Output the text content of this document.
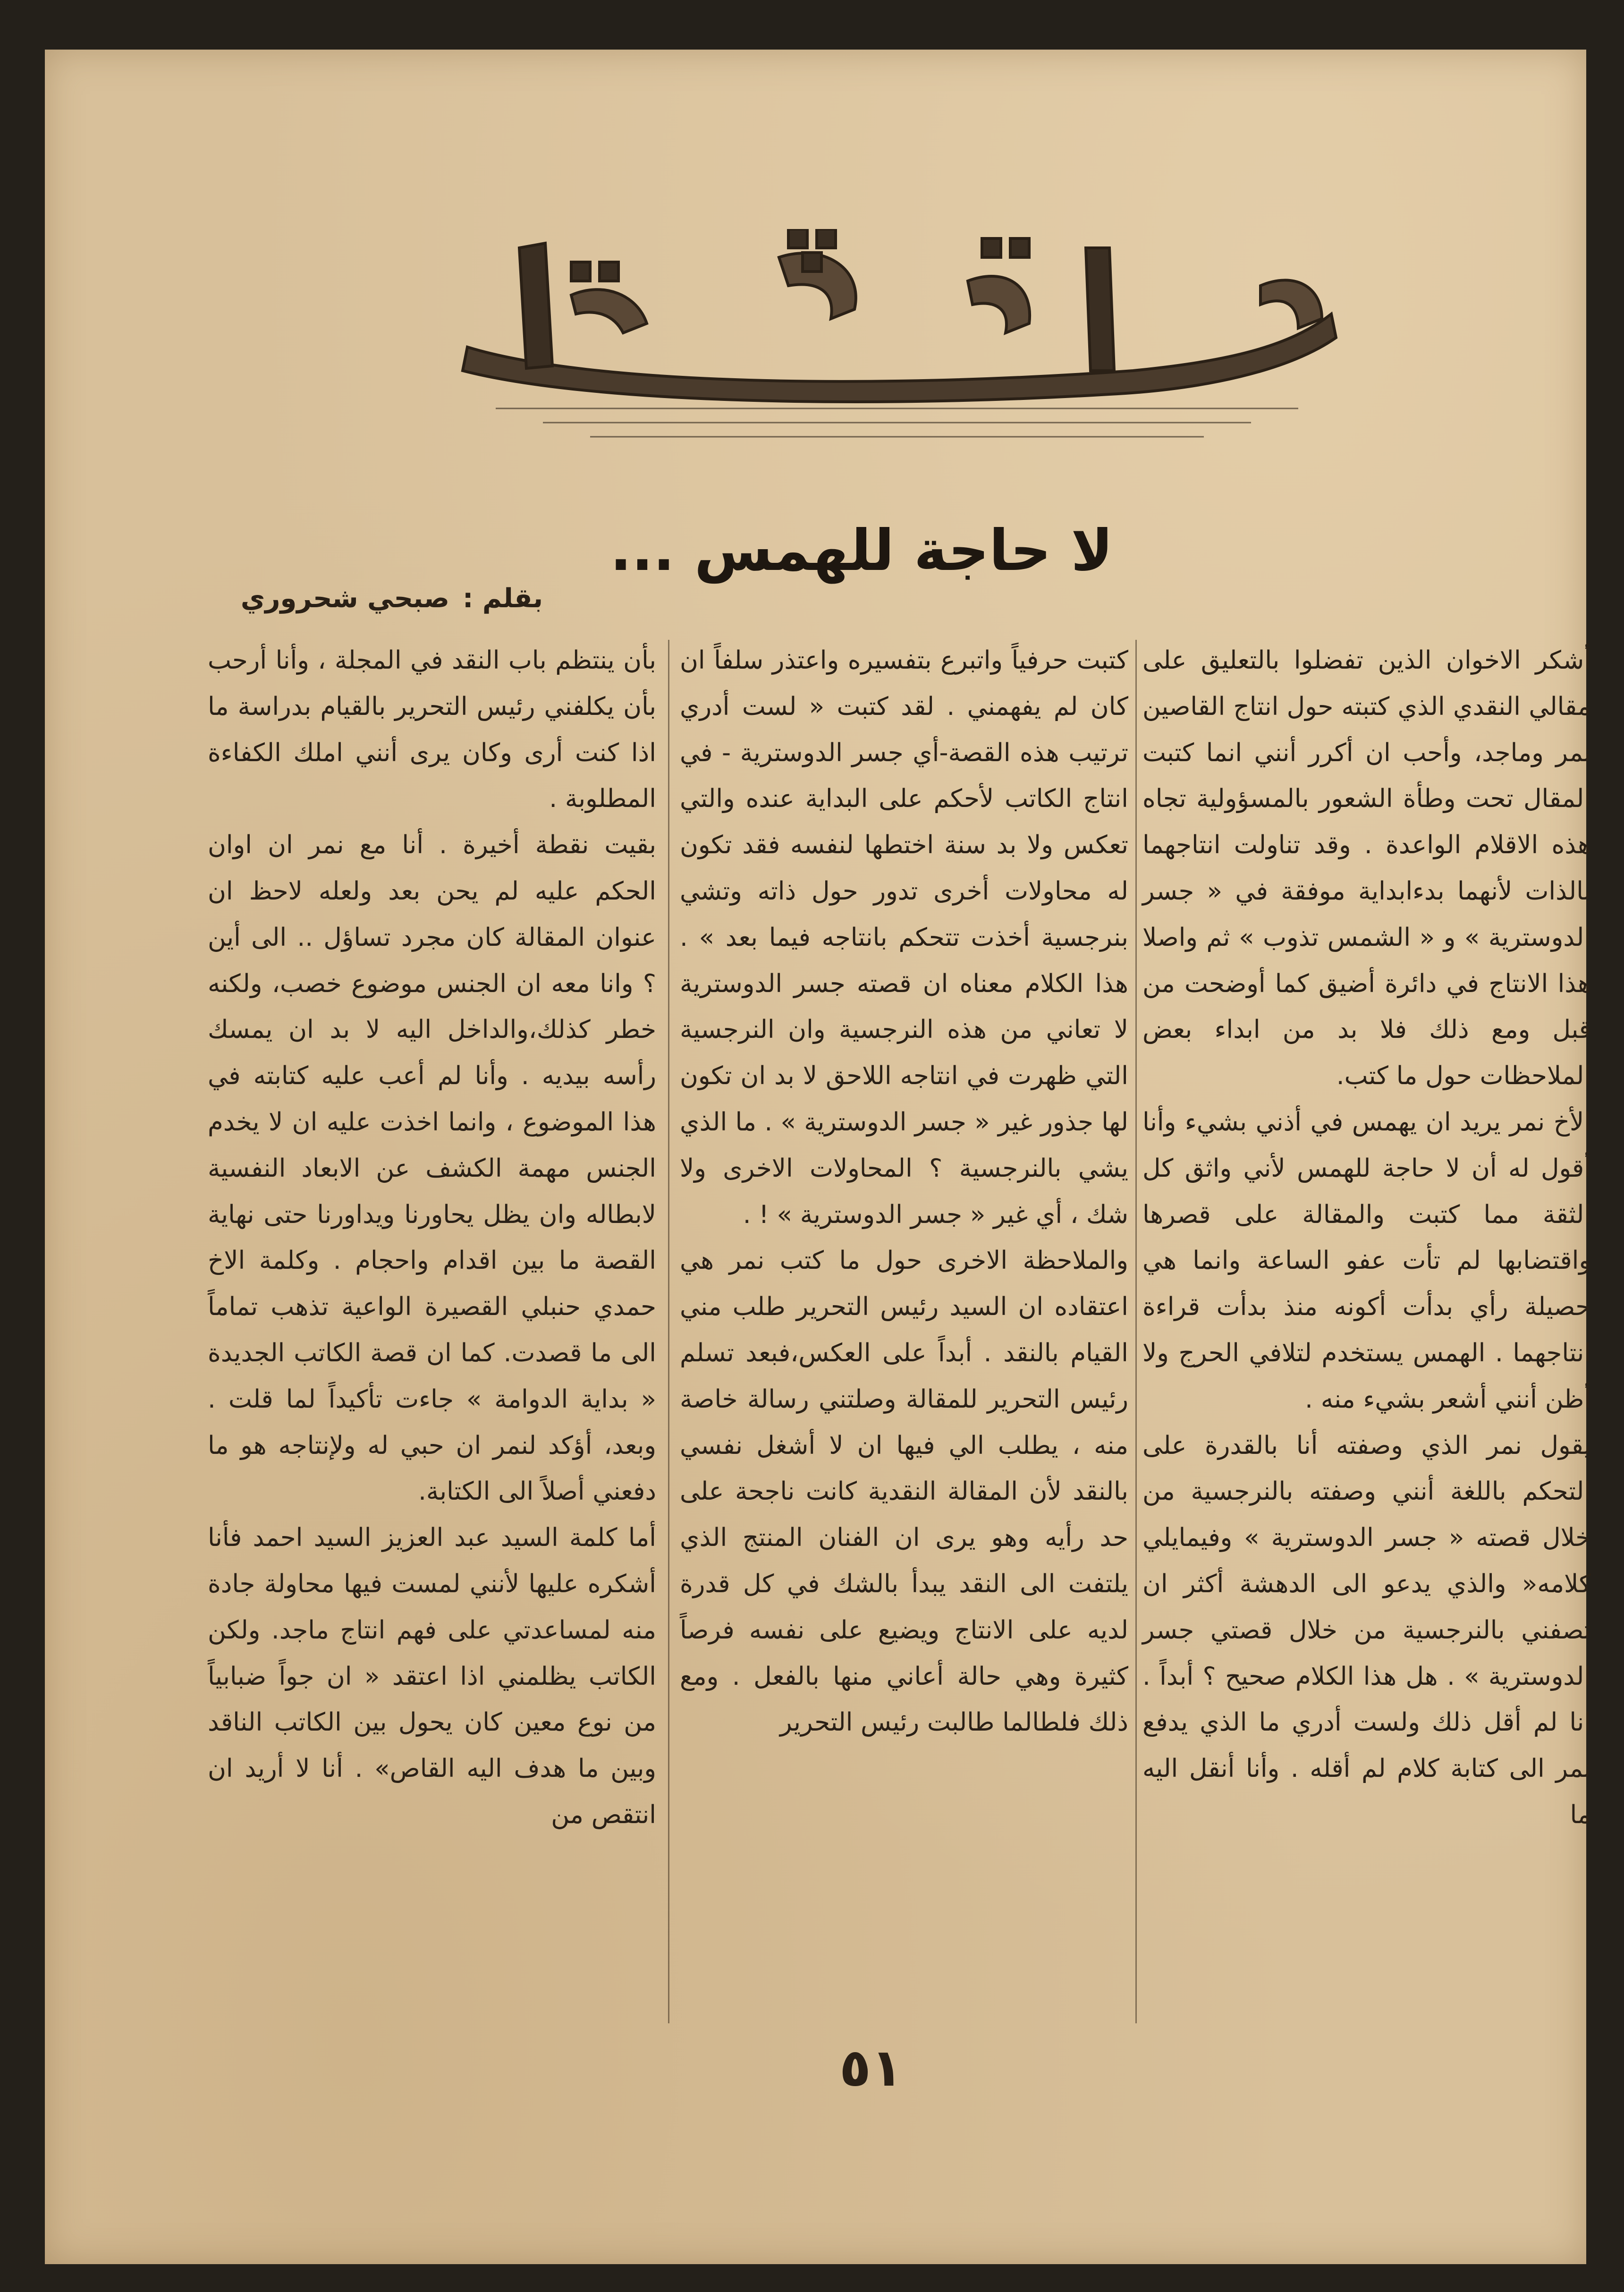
لا حاجة للهمس ...
بقلم :صبحي شحروري

أشكر الاخوان الذين تفضلوا بالتعليق على مقالي النقدي الذي كتبته حول انتاج القاصين نمر وماجد، وأحب ان أكرر أنني انما كتبت المقال تحت وطأة الشعور بالمسؤولية تجاه هذه الاقلام الواعدة . وقد تناولت انتاجهما بالذات لأنهما بدءابداية موفقة في « جسر الدوسترية » و « الشمس تذوب » ثم واصلا هذا الانتاج في دائرة أضيق كما أوضحت من قبل ومع ذلك فلا بد من ابداء بعض الملاحظات حول ما كتب.

الأخ نمر يريد ان يهمس في أذني بشيء وأنا أقول له أن لا حاجة للهمس لأني واثق كل الثقة مما كتبت والمقالة على قصرها واقتضابها لم تأت عفو الساعة وانما هي حصيلة رأي بدأت أكونه منذ بدأت قراءة انتاجهما . الهمس يستخدم لتلافي الحرج ولا أظن أنني أشعر بشيء منه .

يقول نمر الذي وصفته أنا بالقدرة على التحكم باللغة أنني وصفته بالنرجسية من خلال قصته « جسر الدوسترية » وفيمايلي كلامه« والذي يدعو الى الدهشة أكثر ان تصفني بالنرجسية من خلال قصتي جسر الدوسترية » . هل هذا الكلام صحيح ؟ أبداً . انا لم أقل ذلك ولست أدري ما الذي يدفع نمر الى كتابة كلام لم أقله . وأنا أنقل اليه ما

كتبت حرفياً واتبرع بتفسيره واعتذر سلفاً ان كان لم يفهمني . لقد كتبت « لست أدري ترتيب هذه القصة-أي جسر الدوسترية - في انتاج الكاتب لأحكم على البداية عنده والتي تعكس ولا بد سنة اختطها لنفسه فقد تكون له محاولات أخرى تدور حول ذاته وتشي بنرجسية أخذت تتحكم بانتاجه فيما بعد » . هذا الكلام معناه ان قصته جسر الدوسترية لا تعاني من هذه النرجسية وان النرجسية التي ظهرت في انتاجه اللاحق لا بد ان تكون لها جذور غير « جسر الدوسترية » . ما الذي يشي بالنرجسية ؟ المحاولات الاخرى ولا شك ، أي غير « جسر الدوسترية » ! .

والملاحظة الاخرى حول ما كتب نمر هي اعتقاده ان السيد رئيس التحرير طلب مني القيام بالنقد . أبداً على العكس،فبعد تسلم رئيس التحرير للمقالة وصلتني رسالة خاصة منه ، يطلب الي فيها ان لا أشغل نفسي بالنقد لأن المقالة النقدية كانت ناجحة على حد رأيه وهو يرى ان الفنان المنتج الذي يلتفت الى النقد يبدأ بالشك في كل قدرة لديه على الانتاج ويضيع على نفسه فرصاً كثيرة وهي حالة أعاني منها بالفعل . ومع ذلك فلطالما طالبت رئيس التحرير

بأن ينتظم باب النقد في المجلة ، وأنا أرحب بأن يكلفني رئيس التحرير بالقيام بدراسة ما اذا كنت أرى وكان يرى أنني املك الكفاءة المطلوبة .

بقيت نقطة أخيرة . أنا مع نمر ان اوان الحكم عليه لم يحن بعد ولعله لاحظ ان عنوان المقالة كان مجرد تساؤل .. الى أين ؟ وانا معه ان الجنس موضوع خصب، ولكنه خطر كذلك،والداخل اليه لا بد ان يمسك رأسه بيديه . وأنا لم أعب عليه كتابته في هذا الموضوع ، وانما اخذت عليه ان لا يخدم الجنس مهمة الكشف عن الابعاد النفسية لابطاله وان يظل يحاورنا ويداورنا حتى نهاية القصة ما بين اقدام واحجام . وكلمة الاخ حمدي حنبلي القصيرة الواعية تذهب تماماً الى ما قصدت. كما ان قصة الكاتب الجديدة « بداية الدوامة » جاءت تأكيداً لما قلت . وبعد، أؤكد لنمر ان حبي له ولإنتاجه هو ما دفعني أصلاً الى الكتابة.

أما كلمة السيد عبد العزيز السيد احمد فأنا أشكره عليها لأنني لمست فيها محاولة جادة منه لمساعدتي على فهم انتاج ماجد. ولكن الكاتب يظلمني اذا اعتقد « ان جواً ضبابياً من نوع معين كان يحول بين الكاتب الناقد وبين ما هدف اليه القاص» . أنا لا أريد ان انتقص من

٥١
